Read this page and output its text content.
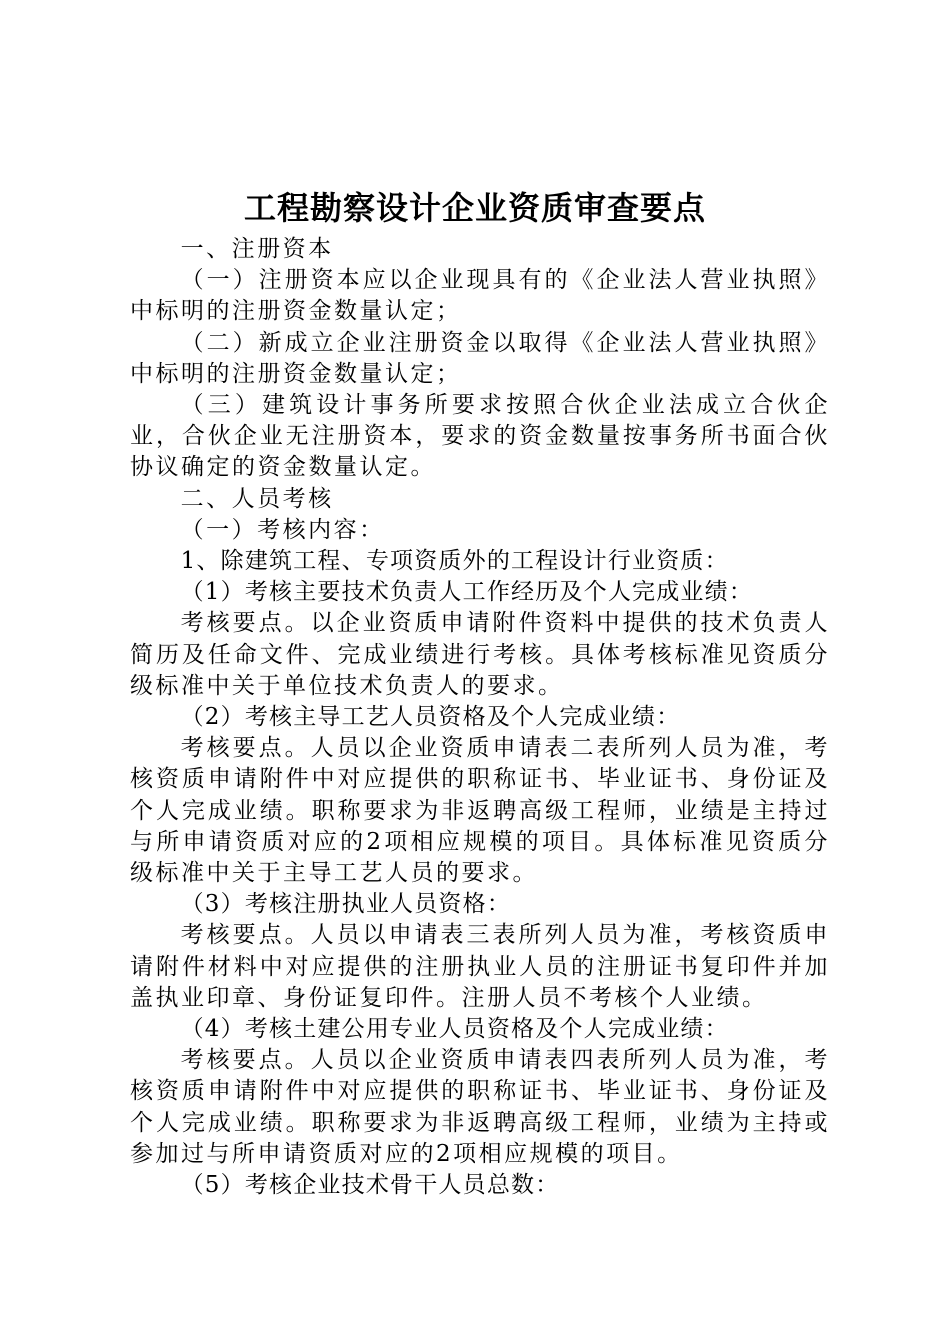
工程勘察设计企业资质审查要点

一、注册资本

（一）注册资本应以企业现具有的《企业法人营业执照》中标明的注册资金数量认定；

（二）新成立企业注册资金以取得《企业法人营业执照》中标明的注册资金数量认定；

（三）建筑设计事务所要求按照合伙企业法成立合伙企业，合伙企业无注册资本，要求的资金数量按事务所书面合伙协议确定的资金数量认定。

二、人员考核

（一）考核内容：

1、除建筑工程、专项资质外的工程设计行业资质：

（1）考核主要技术负责人工作经历及个人完成业绩：

考核要点。以企业资质申请附件资料中提供的技术负责人简历及任命文件、完成业绩进行考核。具体考核标准见资质分级标准中关于单位技术负责人的要求。

（2）考核主导工艺人员资格及个人完成业绩：

考核要点。人员以企业资质申请表二表所列人员为准，考核资质申请附件中对应提供的职称证书、毕业证书、身份证及个人完成业绩。职称要求为非返聘高级工程师，业绩是主持过与所申请资质对应的2项相应规模的项目。具体标准见资质分级标准中关于主导工艺人员的要求。

（3）考核注册执业人员资格：

考核要点。人员以申请表三表所列人员为准，考核资质申请附件材料中对应提供的注册执业人员的注册证书复印件并加盖执业印章、身份证复印件。注册人员不考核个人业绩。

（4）考核土建公用专业人员资格及个人完成业绩：

考核要点。人员以企业资质申请表四表所列人员为准，考核资质申请附件中对应提供的职称证书、毕业证书、身份证及个人完成业绩。职称要求为非返聘高级工程师，业绩为主持或参加过与所申请资质对应的2项相应规模的项目。

（5）考核企业技术骨干人员总数：
